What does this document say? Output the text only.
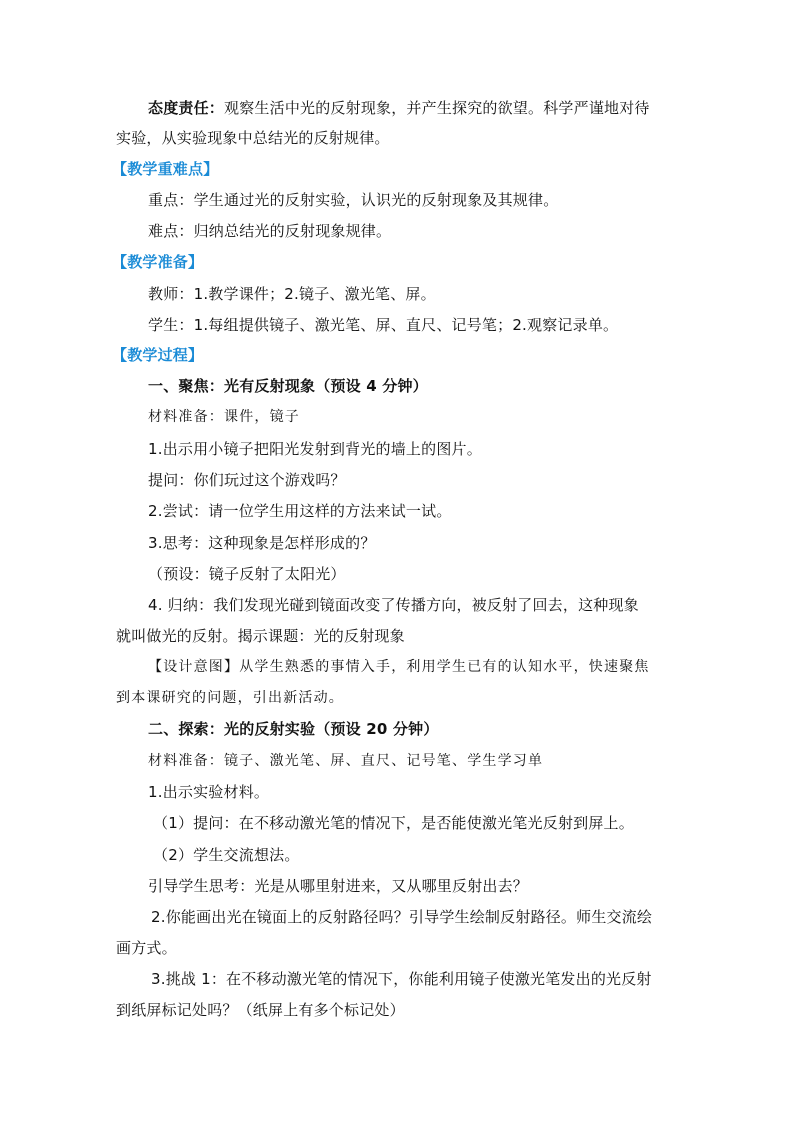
态度责任：观察生活中光的反射现象，并产生探究的欲望。科学严谨地对待
实验，从实验现象中总结光的反射规律。
【教学重难点】
重点：学生通过光的反射实验，认识光的反射现象及其规律。
难点：归纳总结光的反射现象规律。
【教学准备】
教师：1.教学课件；2.镜子、激光笔、屏。
学生：1.每组提供镜子、激光笔、屏、直尺、记号笔；2.观察记录单。
【教学过程】
一、聚焦：光有反射现象（预设 4 分钟）
材料准备：课件，镜子
1.出示用小镜子把阳光发射到背光的墙上的图片。
提问：你们玩过这个游戏吗？
2.尝试：请一位学生用这样的方法来试一试。
3.思考：这种现象是怎样形成的？
（预设：镜子反射了太阳光）
4. 归纳：我们发现光碰到镜面改变了传播方向，被反射了回去，这种现象
就叫做光的反射。揭示课题：光的反射现象
【设计意图】从学生熟悉的事情入手，利用学生已有的认知水平，快速聚焦
到本课研究的问题，引出新活动。
二、探索：光的反射实验（预设 20 分钟）
材料准备：镜子、激光笔、屏、直尺、记号笔、学生学习单
1.出示实验材料。
（1）提问：在不移动激光笔的情况下，是否能使激光笔光反射到屏上。
（2）学生交流想法。
引导学生思考：光是从哪里射进来，又从哪里反射出去？
2.你能画出光在镜面上的反射路径吗？引导学生绘制反射路径。师生交流绘
画方式。
3.挑战 1：在不移动激光笔的情况下，你能利用镜子使激光笔发出的光反射
到纸屏标记处吗？（纸屏上有多个标记处）
